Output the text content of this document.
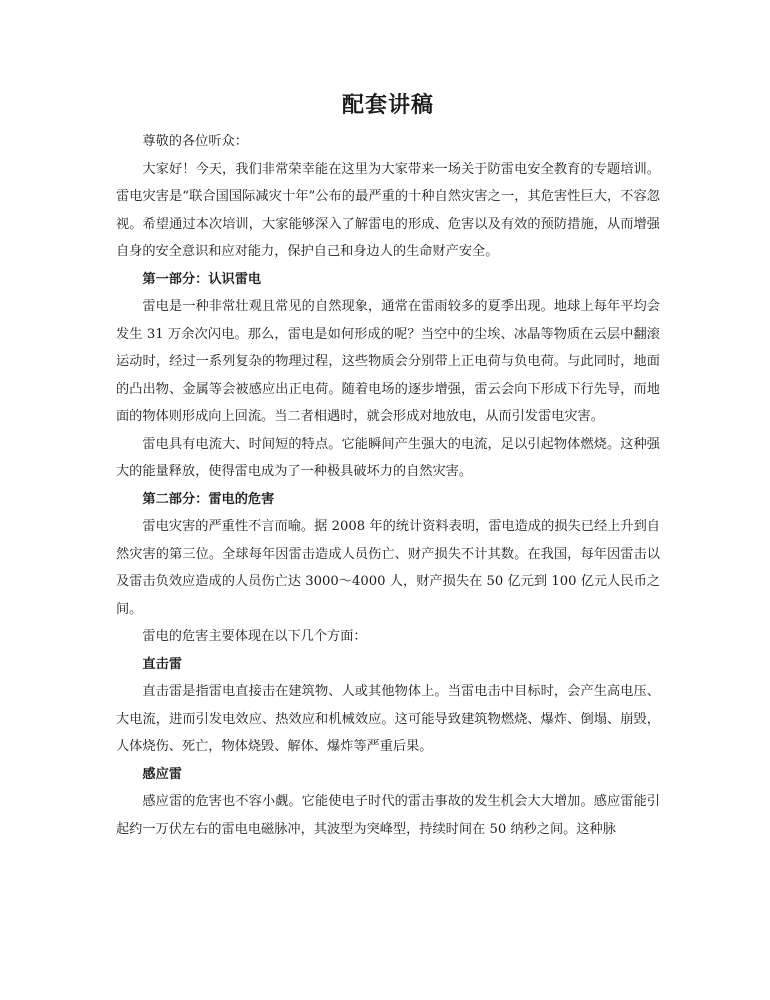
配套讲稿

尊敬的各位听众：

大家好！今天，我们非常荣幸能在这里为大家带来一场关于防雷电安全教育的专题培训。雷电灾害是“联合国国际减灾十年”公布的最严重的十种自然灾害之一，其危害性巨大，不容忽视。希望通过本次培训，大家能够深入了解雷电的形成、危害以及有效的预防措施，从而增强自身的安全意识和应对能力，保护自己和身边人的生命财产安全。

第一部分：认识雷电

雷电是一种非常壮观且常见的自然现象，通常在雷雨较多的夏季出现。地球上每年平均会发生 31 万余次闪电。那么，雷电是如何形成的呢？当空中的尘埃、冰晶等物质在云层中翻滚运动时，经过一系列复杂的物理过程，这些物质会分别带上正电荷与负电荷。与此同时，地面的凸出物、金属等会被感应出正电荷。随着电场的逐步增强，雷云会向下形成下行先导，而地面的物体则形成向上回流。当二者相遇时，就会形成对地放电，从而引发雷电灾害。

雷电具有电流大、时间短的特点。它能瞬间产生强大的电流，足以引起物体燃烧。这种强大的能量释放，使得雷电成为了一种极具破坏力的自然灾害。

第二部分：雷电的危害

雷电灾害的严重性不言而喻。据 2008 年的统计资料表明，雷电造成的损失已经上升到自然灾害的第三位。全球每年因雷击造成人员伤亡、财产损失不计其数。在我国，每年因雷击以及雷击负效应造成的人员伤亡达 3000～4000 人，财产损失在 50 亿元到 100 亿元人民币之间。

雷电的危害主要体现在以下几个方面：

直击雷

直击雷是指雷电直接击在建筑物、人或其他物体上。当雷电击中目标时，会产生高电压、大电流，进而引发电效应、热效应和机械效应。这可能导致建筑物燃烧、爆炸、倒塌、崩毁，人体烧伤、死亡，物体烧毁、解体、爆炸等严重后果。

感应雷

感应雷的危害也不容小觑。它能使电子时代的雷击事故的发生机会大大增加。感应雷能引起约一万伏左右的雷电电磁脉冲，其波型为突峰型，持续时间在 50 纳秒之间。这种脉
